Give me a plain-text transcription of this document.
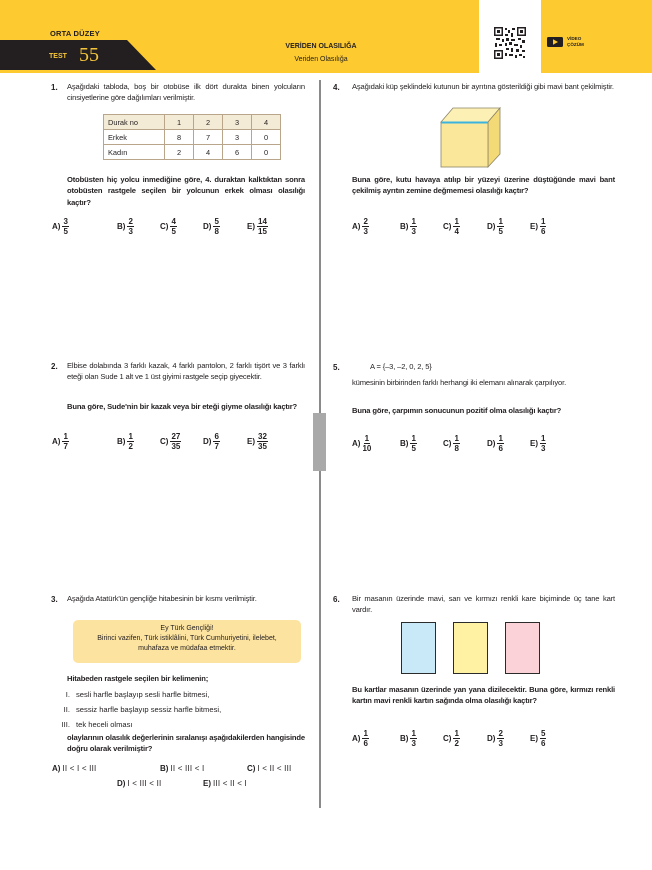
ORTA DÜZEY
TEST 55	VERİDEN OLASILIĞA
Veriden Olasılığa
VİDEO
ÇÖZÜM
1. Aşağıdaki tabloda, boş bir otobüse ilk dört durakta binen yolcuların cinsiyetlerine göre dağılımları verilmiştir.
Durak no	1	2	3	4
Erkek	8	7	3	0
Kadın	2	4	6	0
Otobüsten hiç yolcu inmediğine göre, 4. duraktan kalktıktan sonra otobüsten rastgele seçilen bir yolcunun erkek olması olasılığı kaçtır?
$A) \frac{3}{5}$	$B) \frac{2}{3}$	$C) \frac{4}{5}$	$D) \frac{5}{8}$	$E) \frac{14}{15}$
2. Elbise dolabında 3 farklı kazak, 4 farklı pantolon, 2 farklı tişört ve 3 farklı eteği olan Sude 1 alt ve 1 üst giyimi rastgele seçip giyecektir.
Buna göre, Sude'nin bir kazak veya bir eteği giyme olasılığı kaçtır?
$A) \frac{1}{7}$	$B) \frac{1}{2}$	$C) \frac{27}{35}$	$D) \frac{6}{7}$	$E) \frac{32}{35}$
3. Aşağıda Atatürk'ün gençliğe hitabesinin bir kısmı verilmiştir.
Ey Türk Gençliği!
Birinci vazifen, Türk istiklâlini, Türk Cumhuriyetini, ilelebet,
muhafaza ve müdafaa etmektir.
Hitabeden rastgele seçilen bir kelimenin;
I. sesli harfle başlayıp sesli harfle bitmesi,
II. sessiz harfle başlayıp sessiz harfle bitmesi,
III. tek heceli olması
olaylarının olasılık değerlerinin sıralanışı aşağıdakilerden hangisinde doğru olarak verilmiştir?
A) II < I < III	B) II < III < I	C) I < II < III
D) I < III < II	E) III < II < I
4. Aşağıdaki küp şeklindeki kutunun bir ayrıtına gösterildiği gibi mavi bant çekilmiştir.
Buna göre, kutu havaya atılıp bir yüzeyi üzerine düştüğünde mavi bant çekilmiş ayrıtın zemine değmemesi olasılığı kaçtır?
$A) \frac{2}{3}$	$B) \frac{1}{3}$	$C) \frac{1}{4}$	$D) \frac{1}{5}$	$E) \frac{1}{6}$
5.	A = {–3, –2, 0, 2, 5}
kümesinin birbirinden farklı herhangi iki elemanı alınarak çarpılıyor.
Buna göre, çarpımın sonucunun pozitif olma olasılığı kaçtır?
$A) \frac{1}{10}$	$B) \frac{1}{5}$	$C) \frac{1}{8}$	$D) \frac{1}{6}$	$E) \frac{1}{3}$
6. Bir masanın üzerinde mavi, sarı ve kırmızı renkli kare biçiminde üç tane kart vardır.
Bu kartlar masanın üzerinde yan yana dizilecektir. Buna göre, kırmızı renkli kartın mavi renkli kartın sağında olma olasılığı kaçtır?
$A) \frac{1}{6}$	$B) \frac{1}{3}$	$C) \frac{1}{2}$	$D) \frac{2}{3}$	$E) \frac{5}{6}$
